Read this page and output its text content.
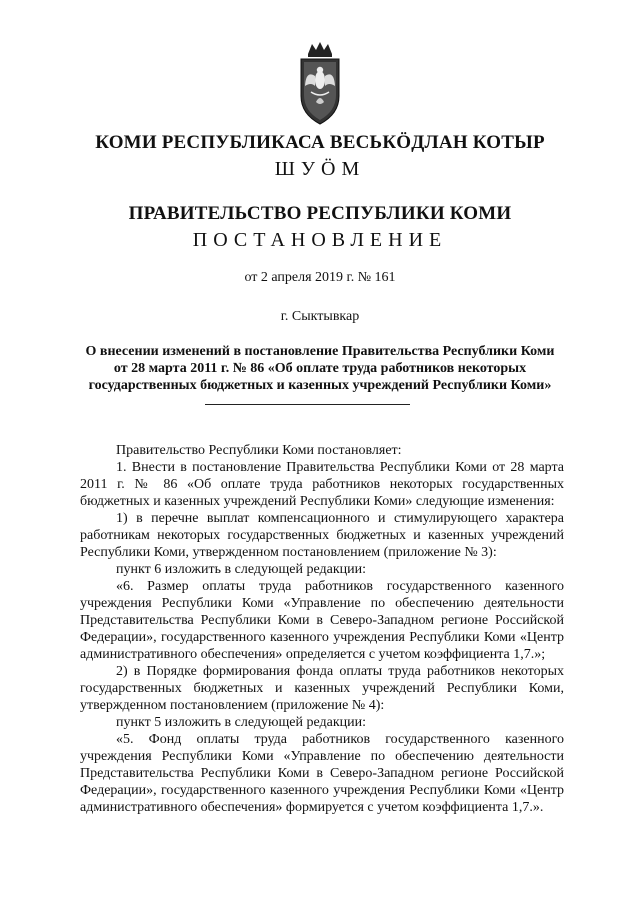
КОМИ РЕСПУБЛИКАСА ВЕСЬКӦДЛАН КОТЫР
ШУӦМ
ПРАВИТЕЛЬСТВО РЕСПУБЛИКИ КОМИ
ПОСТАНОВЛЕНИЕ
от 2 апреля 2019 г. № 161
г. Сыктывкар
О внесении изменений в постановление Правительства Республики Коми
от 28 марта 2011 г. № 86 «Об оплате труда работников некоторых
государственных бюджетных и казенных учреждений Республики Коми»

Правительство Республики Коми постановляет:

1. Внести в постановление Правительства Республики Коми от 28 марта 2011 г. № 86 «Об оплате труда работников некоторых государственных бюджетных и казенных учреждений Республики Коми» следующие изменения:

1) в перечне выплат компенсационного и стимулирующего характера работникам некоторых государственных бюджетных и казенных учреждений Республики Коми, утвержденном постановлением (приложение № 3):

пункт 6 изложить в следующей редакции:

«6. Размер оплаты труда работников государственного казенного учреждения Республики Коми «Управление по обеспечению деятельности Представительства Республики Коми в Северо-Западном регионе Российской Федерации», государственного казенного учреждения Республики Коми «Центр административного обеспечения» определяется с учетом коэффициента 1,7.»;

2) в Порядке формирования фонда оплаты труда работников некоторых государственных бюджетных и казенных учреждений Республики Коми, утвержденном постановлением (приложение № 4):

пункт 5 изложить в следующей редакции:

«5. Фонд оплаты труда работников государственного казенного учреждения Республики Коми «Управление по обеспечению деятельности Представительства Республики Коми в Северо-Западном регионе Российской Федерации», государственного казенного учреждения Республики Коми «Центр административного обеспечения» формируется с учетом коэффициента 1,7.».
